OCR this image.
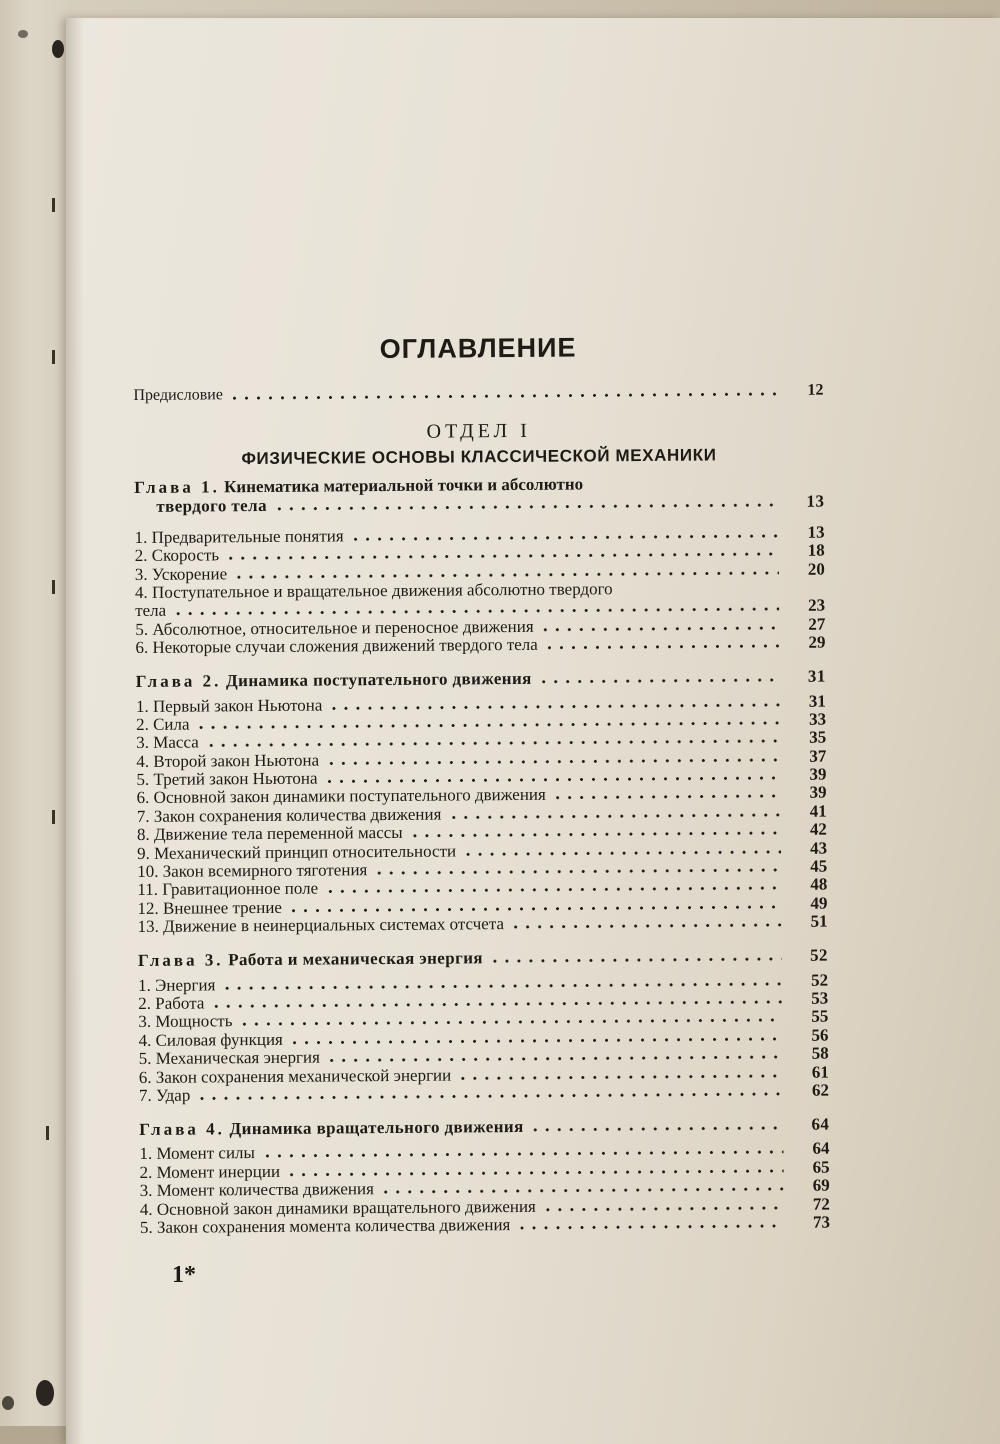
ОГЛАВЛЕНИЕ
Предисловие	12
ОТДЕЛ I
ФИЗИЧЕСКИЕ ОСНОВЫ КЛАССИЧЕСКОЙ МЕХАНИКИ
Глава 1. Кинематика материальной точки и абсолютно
твердого тела	13
1. Предварительные понятия	13
2. Скорость	18
3. Ускорение	20
4. Поступательное и вращательное движения абсолютно твердого
тела	23
5. Абсолютное, относительное и переносное движения	27
6. Некоторые случаи сложения движений твердого тела	29
Глава 2. Динамика поступательного движения	31
1. Первый закон Ньютона	31
2. Сила	33
3. Масса	35
4. Второй закон Ньютона	37
5. Третий закон Ньютона	39
6. Основной закон динамики поступательного движения	39
7. Закон сохранения количества движения	41
8. Движение тела переменной массы	42
9. Механический принцип относительности	43
10. Закон всемирного тяготения	45
11. Гравитационное поле	48
12. Внешнее трение	49
13. Движение в неинерциальных системах отсчета	51
Глава 3. Работа и механическая энергия	52
1. Энергия	52
2. Работа	53
3. Мощность	55
4. Силовая функция	56
5. Механическая энергия	58
6. Закон сохранения механической энергии	61
7. Удар	62
Глава 4. Динамика вращательного движения	64
1. Момент силы	64
2. Момент инерции	65
3. Момент количества движения	69
4. Основной закон динамики вращательного движения	72
5. Закон сохранения момента количества движения	73
1*
